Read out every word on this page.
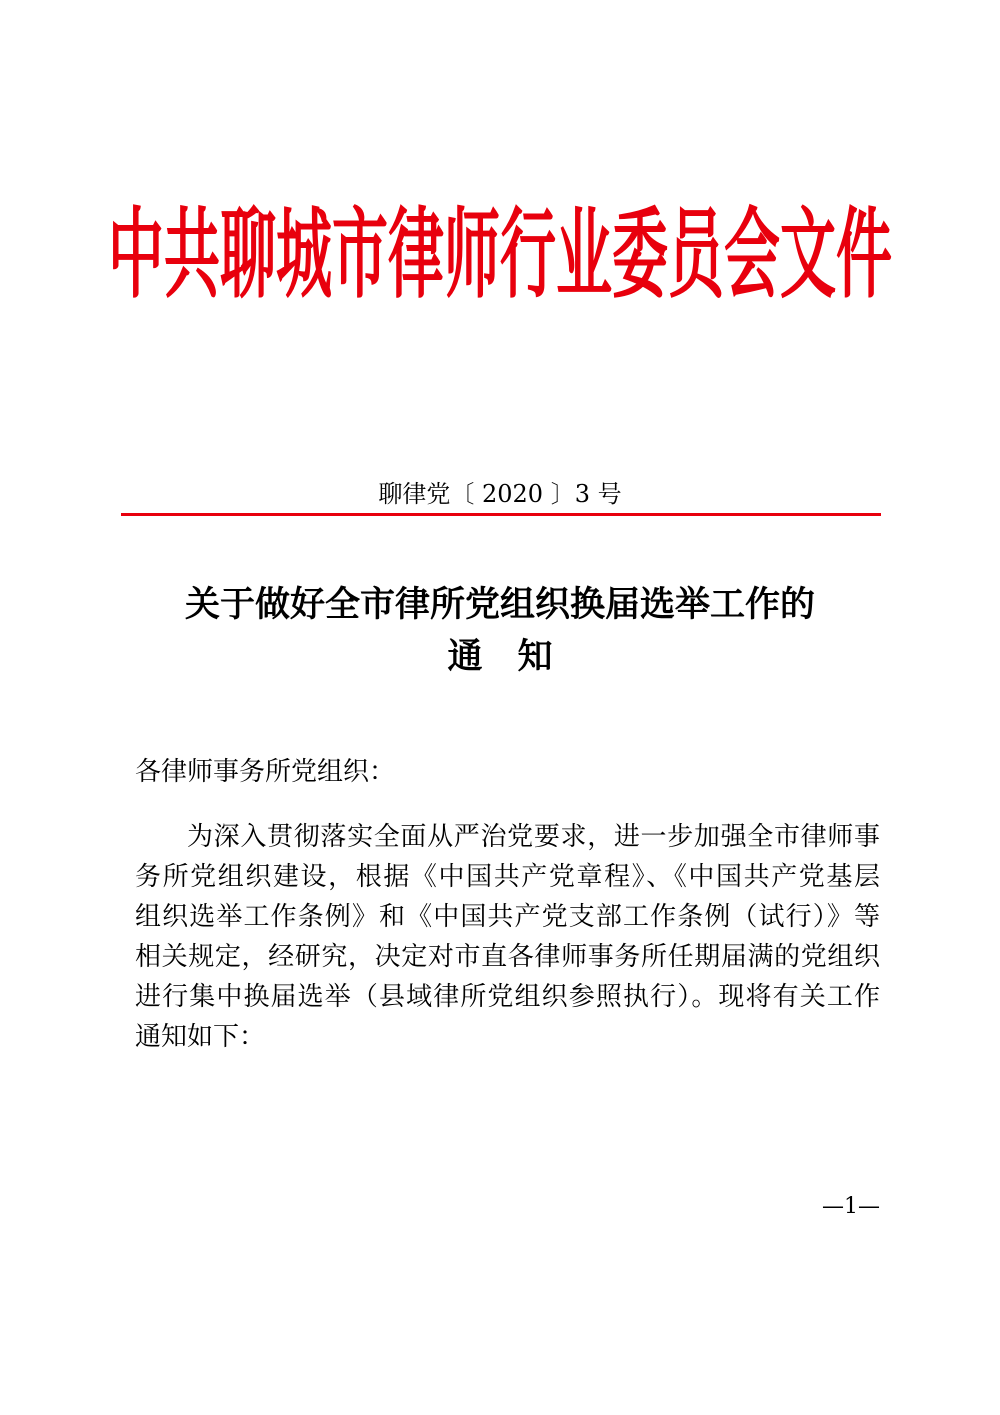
中共聊城市律师行业委员会文件
聊律党〔 2020 〕3 号
关于做好全市律所党组织换届选举工作的
通　知
各律师事务所党组织：
为深入贯彻落实全面从严治党要求，进一步加强全市律师事
务所党组织建设，根据《中国共产党章程》、《中国共产党基层
组织选举工作条例》和《中国共产党支部工作条例（试行）》等
相关规定，经研究，决定对市直各律师事务所任期届满的党组织
进行集中换届选举（县域律所党组织参照执行）。现将有关工作
通知如下：
—1—
